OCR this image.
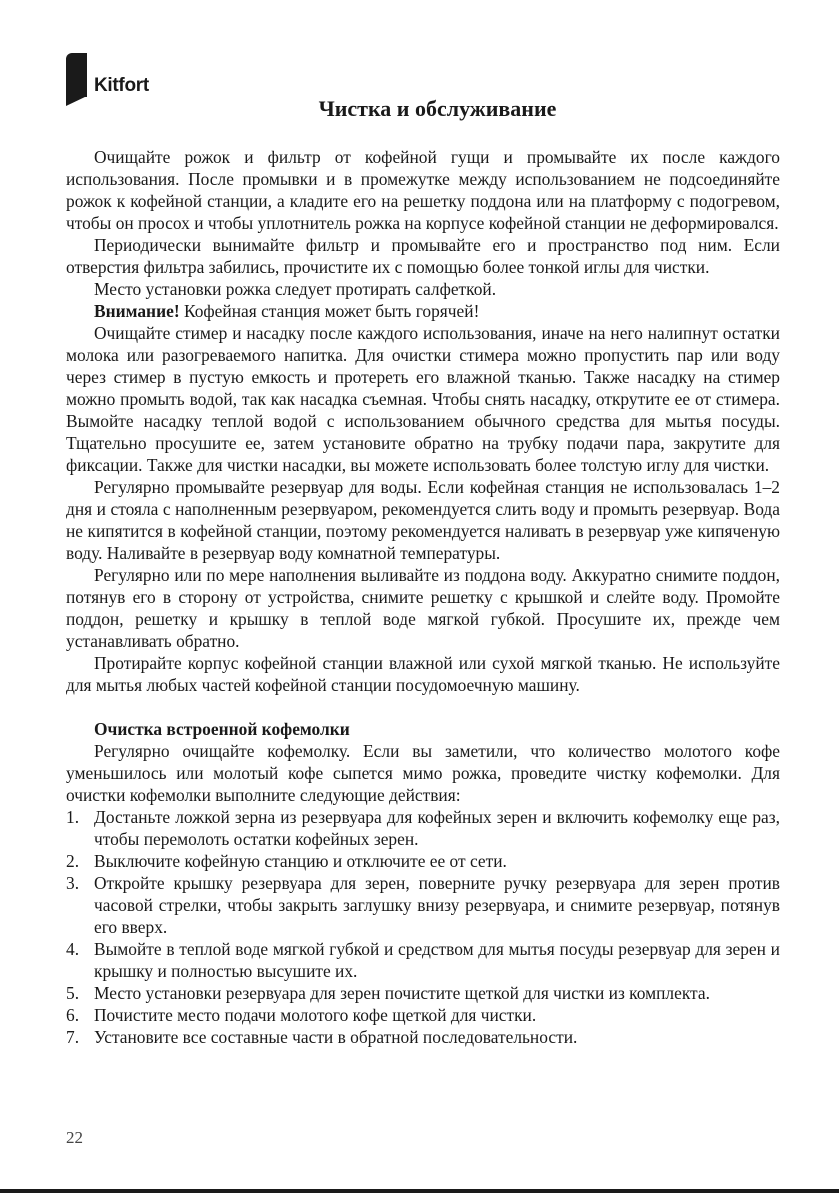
Kitfort
Чистка и обслуживание

Очищайте рожок и фильтр от кофейной гущи и промывайте их после каждого использования. После промывки и в промежутке между использованием не подсоединяйте рожок к кофейной станции, а кладите его на решетку поддона или на платформу с подогревом, чтобы он просох и чтобы уплотнитель рожка на корпусе кофейной станции не деформировался.

Периодически вынимайте фильтр и промывайте его и пространство под ним. Если отверстия фильтра забились, прочистите их с помощью более тонкой иглы для чистки.

Место установки рожка следует протирать салфеткой.

Внимание! Кофейная станция может быть горячей!

Очищайте стимер и насадку после каждого использования, иначе на него налипнут остатки молока или разогреваемого напитка. Для очистки стимера можно пропустить пар или воду через стимер в пустую емкость и протереть его влажной тканью. Также насадку на стимер можно промыть водой, так как насадка съемная. Чтобы снять насадку, открутите ее от стимера. Вымойте насадку теплой водой с использованием обычного средства для мытья посуды. Тщательно просушите ее, затем установите обратно на трубку подачи пара, закрутите для фиксации. Также для чистки насадки, вы можете использовать более толстую иглу для чистки.

Регулярно промывайте резервуар для воды. Если кофейная станция не использовалась 1–2 дня и стояла с наполненным резервуаром, рекомендуется слить воду и промыть резервуар. Вода не кипятится в кофейной станции, поэтому рекомендуется наливать в резервуар уже кипяченую воду. Наливайте в резервуар воду комнатной температуры.

Регулярно или по мере наполнения выливайте из поддона воду. Аккуратно снимите поддон, потянув его в сторону от устройства, снимите решетку с крышкой и слейте воду. Промойте поддон, решетку и крышку в теплой воде мягкой губкой. Просушите их, прежде чем устанавливать обратно.

Протирайте корпус кофейной станции влажной или сухой мягкой тканью. Не используйте для мытья любых частей кофейной станции посудомоечную машину.

Очистка встроенной кофемолки

Регулярно очищайте кофемолку. Если вы заметили, что количество молотого кофе уменьшилось или молотый кофе сыпется мимо рожка, проведите чистку кофемолки. Для очистки кофемолки выполните следующие действия:

1. Достаньте ложкой зерна из резервуара для кофейных зерен и включить кофемолку еще раз, чтобы перемолоть остатки кофейных зерен.
2. Выключите кофейную станцию и отключите ее от сети.
3. Откройте крышку резервуара для зерен, поверните ручку резервуара для зерен против часовой стрелки, чтобы закрыть заглушку внизу резервуара, и снимите резервуар, потянув его вверх.
4. Вымойте в теплой воде мягкой губкой и средством для мытья посуды резервуар для зерен и крышку и полностью высушите их.
5. Место установки резервуара для зерен почистите щеткой для чистки из комплекта.
6. Почистите место подачи молотого кофе щеткой для чистки.
7. Установите все составные части в обратной последовательности.
22
